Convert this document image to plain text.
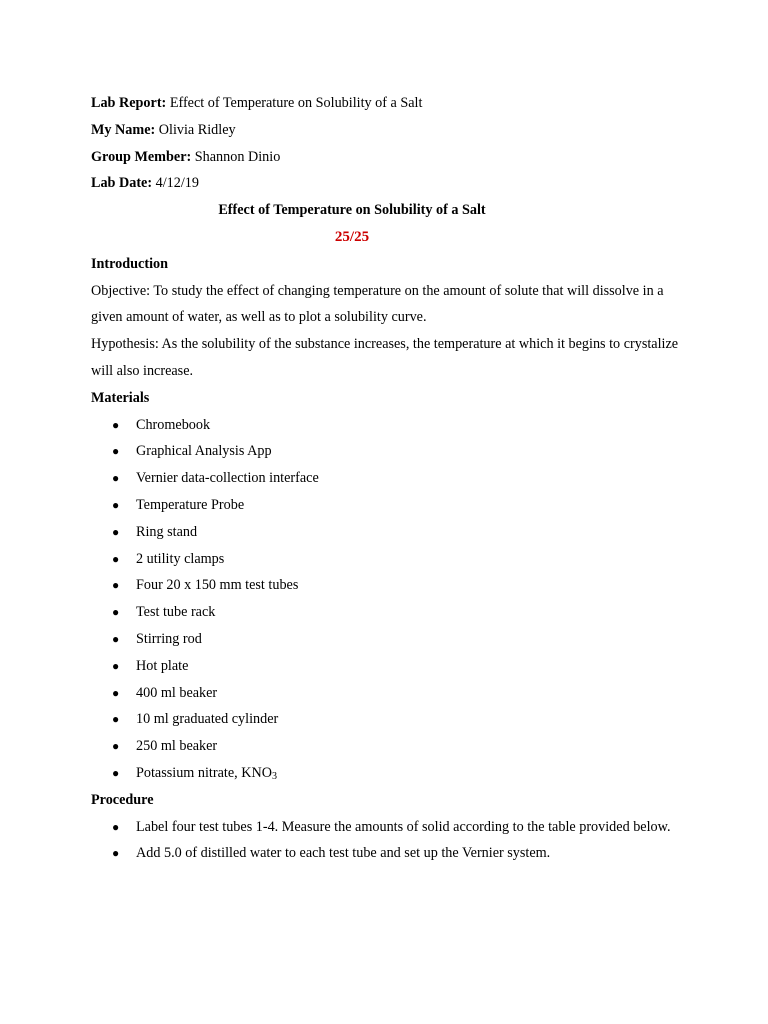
Lab Report: Effect of Temperature on Solubility of a Salt
My Name: Olivia Ridley
Group Member: Shannon Dinio
Lab Date: 4/12/19
Effect of Temperature on Solubility of a Salt
25/25
Introduction
Objective: To study the effect of changing temperature on the amount of solute that will dissolve in a given amount of water, as well as to plot a solubility curve.
Hypothesis: As the solubility of the substance increases, the temperature at which it begins to crystalize will also increase.
Materials
● Chromebook
● Graphical Analysis App
● Vernier data-collection interface
● Temperature Probe
● Ring stand
● 2 utility clamps
● Four 20 x 150 mm test tubes
● Test tube rack
● Stirring rod
● Hot plate
● 400 ml beaker
● 10 ml graduated cylinder
● 250 ml beaker
● Potassium nitrate, $KNO_3$
Procedure
● Label four test tubes 1-4. Measure the amounts of solid according to the table provided below.
● Add 5.0 of distilled water to each test tube and set up the Vernier system.
